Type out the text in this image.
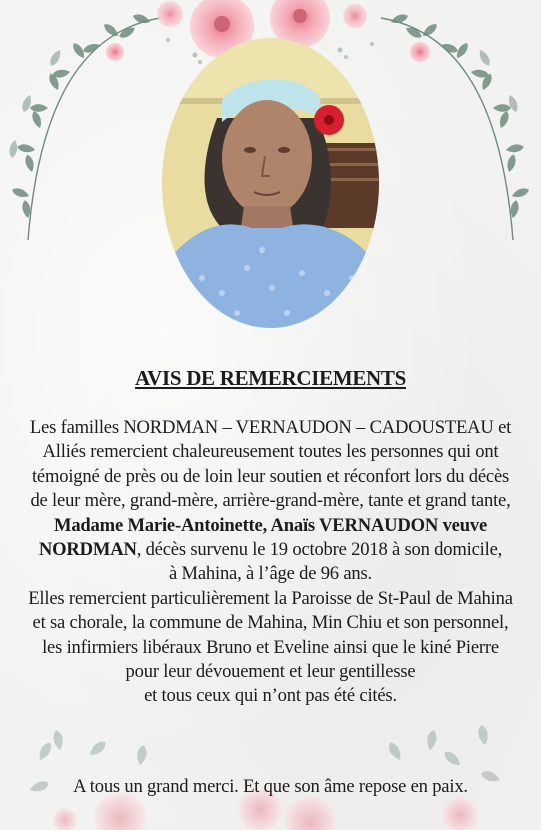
AVIS DE REMERCIEMENTS
Les familles NORDMAN – VERNAUDON – CADOUSTEAU et
Alliés remercient chaleureusement toutes les personnes qui ont
témoigné de près ou de loin leur soutien et réconfort lors du décès
de leur mère, grand-mère, arrière-grand-mère, tante et grand tante,
Madame Marie-Antoinette, Anaïs VERNAUDON veuve
NORDMAN, décès survenu le 19 octobre 2018 à son domicile,
à Mahina, à l’âge de 96 ans.
Elles remercient particulièrement la Paroisse de St-Paul de Mahina
et sa chorale, la commune de Mahina, Min Chiu et son personnel,
les infirmiers libéraux Bruno et Eveline ainsi que le kiné Pierre
pour leur dévouement et leur gentillesse
et tous ceux qui n’ont pas été cités.
A tous un grand merci. Et que son âme repose en paix.
